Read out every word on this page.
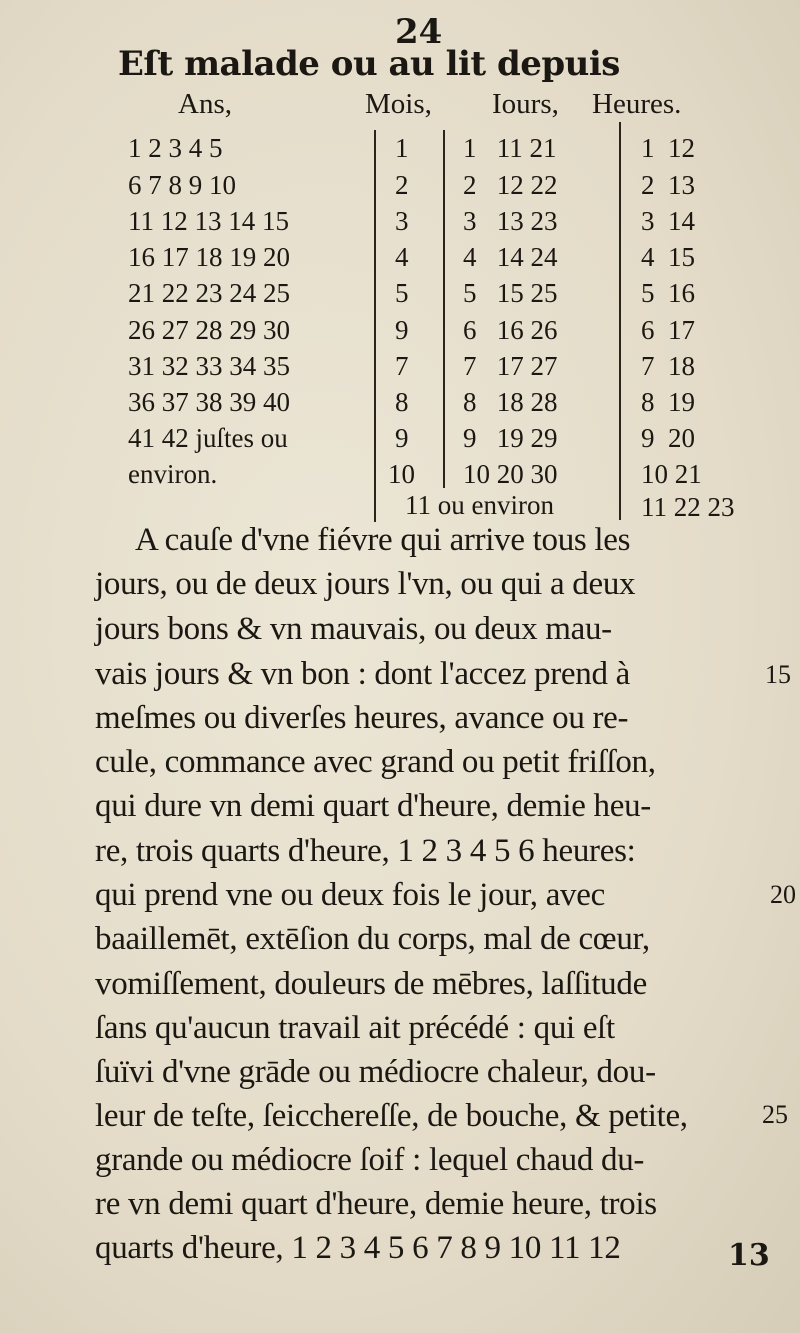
24
Eſt malade ou au lit depuis
Ans,	Mois, Iours, Heures.
1 2 3 4 5
6 7 8 9 10
11 12 13 14 15
16 17 18 19 20
21 22 23 24 25
26 27 28 29 30
31 32 33 34 35
36 37 38 39 40
41 42 juſtes ou
environ.
1
2
3
4
5
9
7
8
9
10
1   11 21
2   12 22
3   13 23
4   14 24
5   15 25
6   16 26
7   17 27
8   18 28
9   19 29
10 20 30
11 ou environ
1  12
2  13
3  14
4  15
5  16
6  17
7  18
8  19
9  20
10 21
11 22 23
A cauſe d'vne fiévre qui arrive tous les
jours, ou de deux jours l'vn, ou qui a deux
jours bons & vn mauvais, ou deux mau-
vais jours & vn bon : dont l'accez prend à
meſmes ou diverſes heures, avance ou re-
cule, commance avec grand ou petit friſſon,
qui dure vn demi quart d'heure, demie heu-
re, trois quarts d'heure, 1 2 3 4 5 6 heures:
qui prend vne ou deux fois le jour, avec
baaillemēt, extēſion du corps, mal de cœur,
vomiſſement, douleurs de mēbres, laſſitude
ſans qu'aucun travail ait précédé : qui eſt
ſuïvi d'vne grāde ou médiocre chaleur, dou-
leur de teſte, ſeicchereſſe, de bouche, & petite,
grande ou médiocre ſoif : lequel chaud du-
re vn demi quart d'heure, demie heure, trois
quarts d'heure, 1 2 3 4 5 6 7 8 9 10 11 12
15
20
25
13
